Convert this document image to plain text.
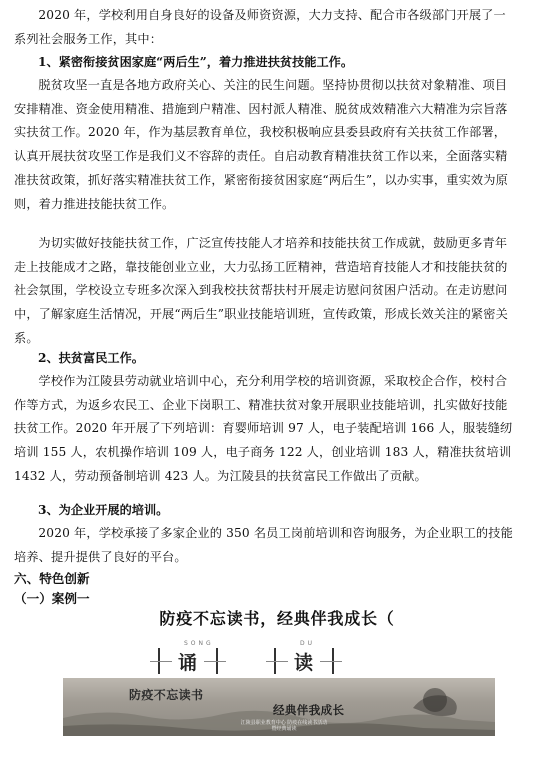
2020 年，学校利用自身良好的设备及师资资源，大力支持、配合市各级部门开展了一系列社会服务工作，其中：

1、紧密衔接贫困家庭“两后生”，着力推进扶贫技能工作。

脱贫攻坚一直是各地方政府关心、关注的民生问题。坚持协贯彻以扶贫对象精准、项目安排精准、资金使用精准、措施到户精准、因村派人精准、脱贫成效精准六大精准为宗旨落实扶贫工作。2020 年，作为基层教育单位，我校积极响应县委县政府有关扶贫工作部署，认真开展扶贫攻坚工作是我们义不容辞的责任。自启动教育精准扶贫工作以来，全面落实精准扶贫政策，抓好落实精准扶贫工作，紧密衔接贫困家庭“两后生”，以办实事，重实效为原则，着力推进技能扶贫工作。

为切实做好技能扶贫工作，广泛宣传技能人才培养和技能扶贫工作成就，鼓励更多青年走上技能成才之路，靠技能创业立业，大力弘扬工匠精神，营造培育技能人才和技能扶贫的社会氛围，学校设立专班多次深入到我校扶贫帮扶村开展走访慰问贫困户活动。在走访慰问中，了解家庭生活情况，开展“两后生”职业技能培训班，宣传政策，形成长效关注的紧密关系。

2、扶贫富民工作。

学校作为江陵县劳动就业培训中心，充分利用学校的培训资源，采取校企合作，校村合作等方式，为返乡农民工、企业下岗职工、精准扶贫对象开展职业技能培训，扎实做好技能扶贫工作。2020 年开展了下列培训：育婴师培训 97 人，电子装配培训 166 人，服装缝纫培训 155 人，农机操作培训 109 人，电子商务 122 人，创业培训 183 人，精准扶贫培训 1432 人，劳动预备制培训 423 人。为江陵县的扶贫富民工作做出了贡献。

3、为企业开展的培训。

2020 年，学校承接了多家企业的 350 名员工岗前培训和咨询服务，为企业职工的技能培养、提升提供了良好的平台。

六、特色创新

（一）案例一

防疫不忘读书，经典伴我成长（
SONG
诵
DU
读
防疫不忘读书
经典伴我成长
江陵县职业教育中心 防疫在线读书活动暨经典诵读
